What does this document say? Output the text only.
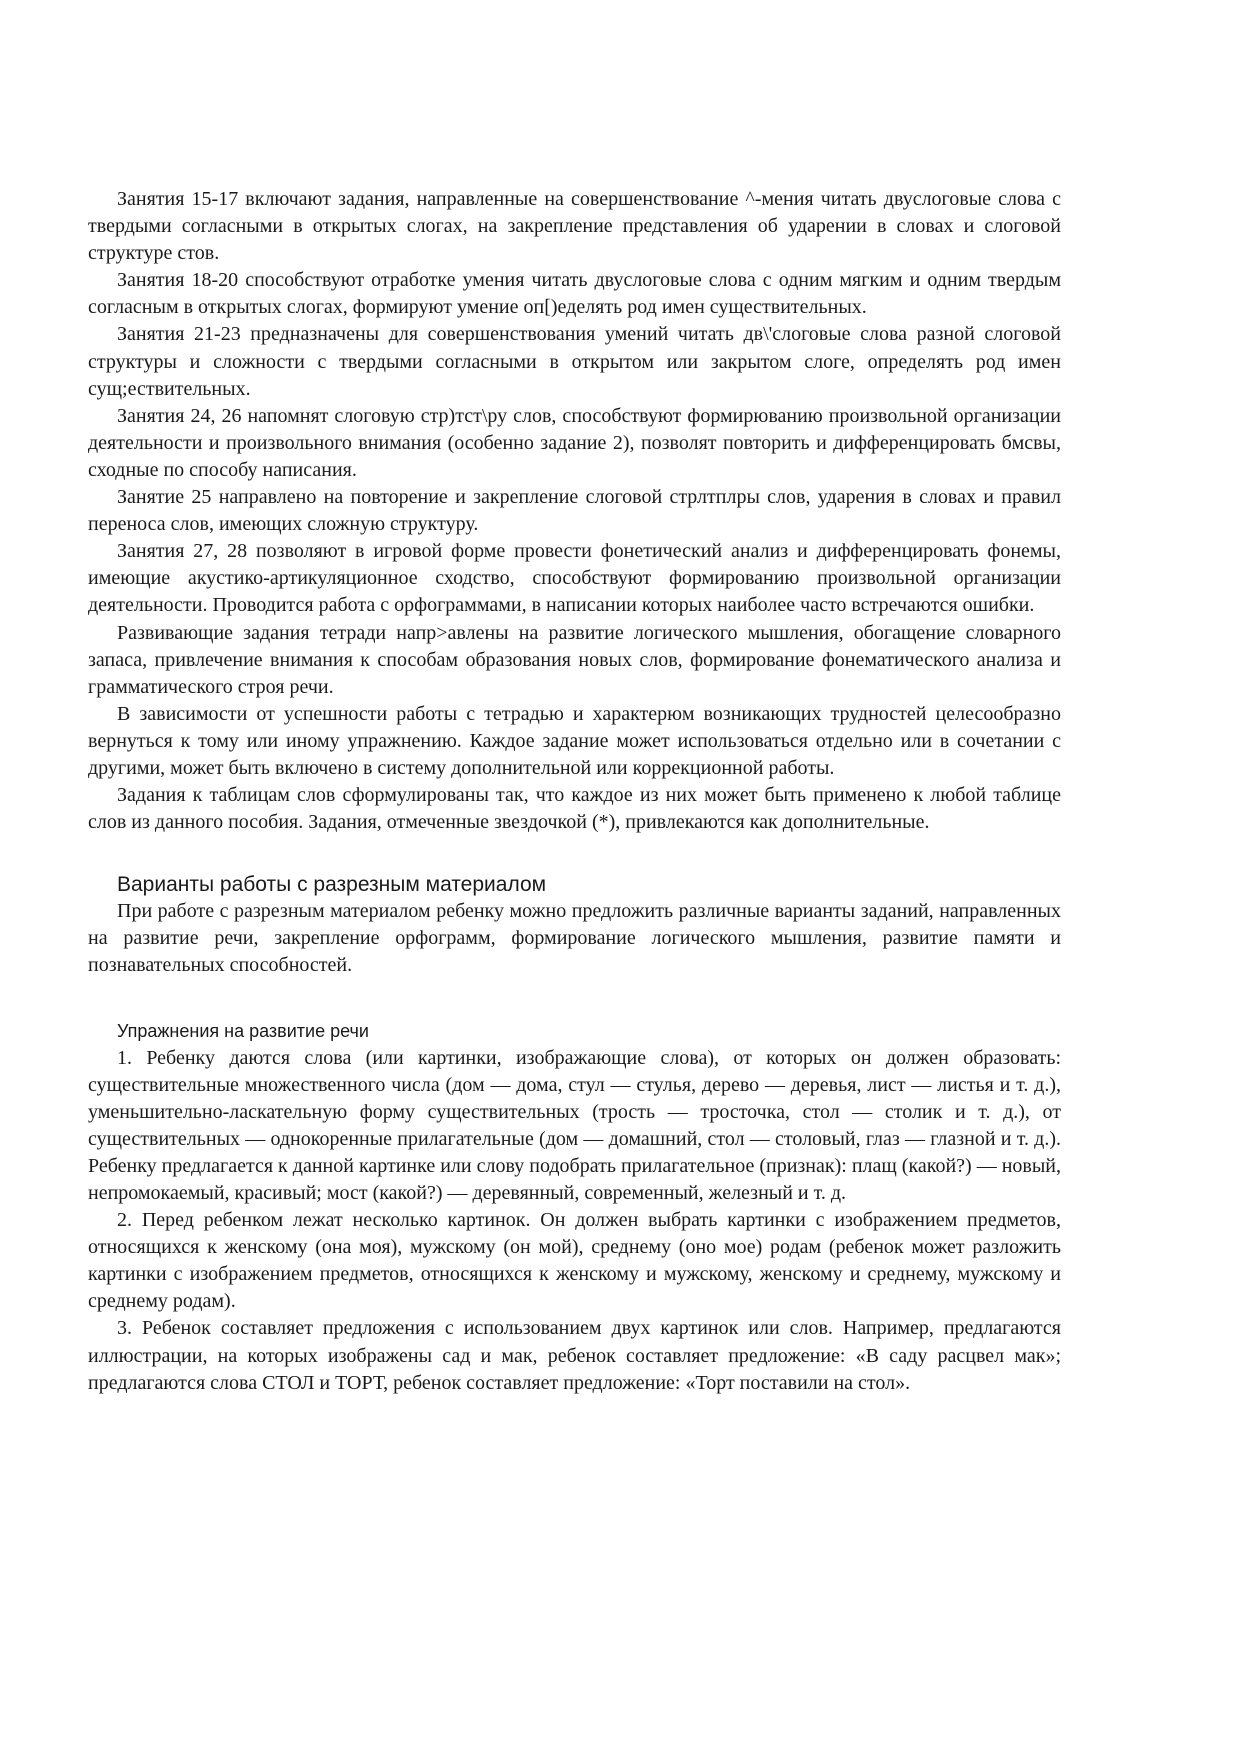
Занятия 15-17 включают задания, направленные на совершенствование ^-мения читать двуслоговые слова с твердыми согласными в открытых слогах, на закрепление представления об ударении в словах и слоговой структуре стов.

Занятия 18-20 способствуют отработке умения читать двуслоговые слова с одним мягким и одним твердым согласным в открытых слогах, формируют умение оп[)еделять род имен существительных.

Занятия 21-23 предназначены для совершенствования умений читать дв\'слоговые слова разной слоговой структуры и сложности с твердыми согласными в открытом или закрытом слоге, определять род имен сущ;ествительных.

Занятия 24, 26 напомнят слоговую стр)тст\ру слов, способствуют формирюванию произвольной организации деятельности и произвольного внимания (особенно задание 2), позволят повторить и дифференцировать бмсвы, сходные по способу написания.

Занятие 25 направлено на повторение и закрепление слоговой стрлтплры слов, ударения в словах и правил переноса слов, имеющих сложную структуру.

Занятия 27, 28 позволяют в игровой форме провести фонетический анализ и дифференцировать фонемы, имеющие акустико-артикуляционное сходство, способствуют формированию произвольной организации деятельности. Проводится работа с орфограммами, в написании которых наиболее часто встречаются ошибки.

Развивающие задания тетради напр>авлены на развитие логического мышления, обогащение словарного запаса, привлечение внимания к способам образования новых слов, формирование фонематического анализа и грамматического строя речи.

В зависимости от успешности работы с тетрадью и характерюм возникающих трудностей целесообразно вернуться к тому или иному упражнению. Каждое задание может использоваться отдельно или в сочетании с другими, может быть включено в систему дополнительной или коррекционной работы.

Задания к таблицам слов сформулированы так, что каждое из них может быть применено к любой таблице слов из данного пособия. Задания, отмеченные звездочкой (*), привлекаются как дополнительные.

Варианты работы с разрезным материалом

При работе с разрезным материалом ребенку можно предложить различные варианты заданий, направленных на развитие речи, закрепление орфограмм, формирование логического мышления, развитие памяти и познавательных способностей.

Упражнения на развитие речи

1. Ребенку даются слова (или картинки, изображающие слова), от которых он должен образовать: существительные множественного числа (дом — дома, стул — стулья, дерево — деревья, лист — листья и т. д.), уменьшительно-ласкательную форму существительных (трость — тросточка, стол — столик и т. д.), от существительных — однокоренные прилагательные (дом — домашний, стол — столовый, глаз — глазной и т. д.). Ребенку предлагается к данной картинке или слову подобрать прилагательное (признак): плащ (какой?) — новый, непромокаемый, красивый; мост (какой?) — деревянный, современный, железный и т. д.

2. Перед ребенком лежат несколько картинок. Он должен выбрать картинки с изображением предметов, относящихся к женскому (она моя), мужскому (он мой), среднему (оно мое) родам (ребенок может разложить картинки с изображением предметов, относящихся к женскому и мужскому, женскому и среднему, мужскому и среднему родам).

3. Ребенок составляет предложения с использованием двух картинок или слов. Например, предлагаются иллюстрации, на которых изображены сад и мак, ребенок составляет предложение: «В саду расцвел мак»; предлагаются слова СТОЛ и ТОРТ, ребенок составляет предложение: «Торт поставили на стол».
